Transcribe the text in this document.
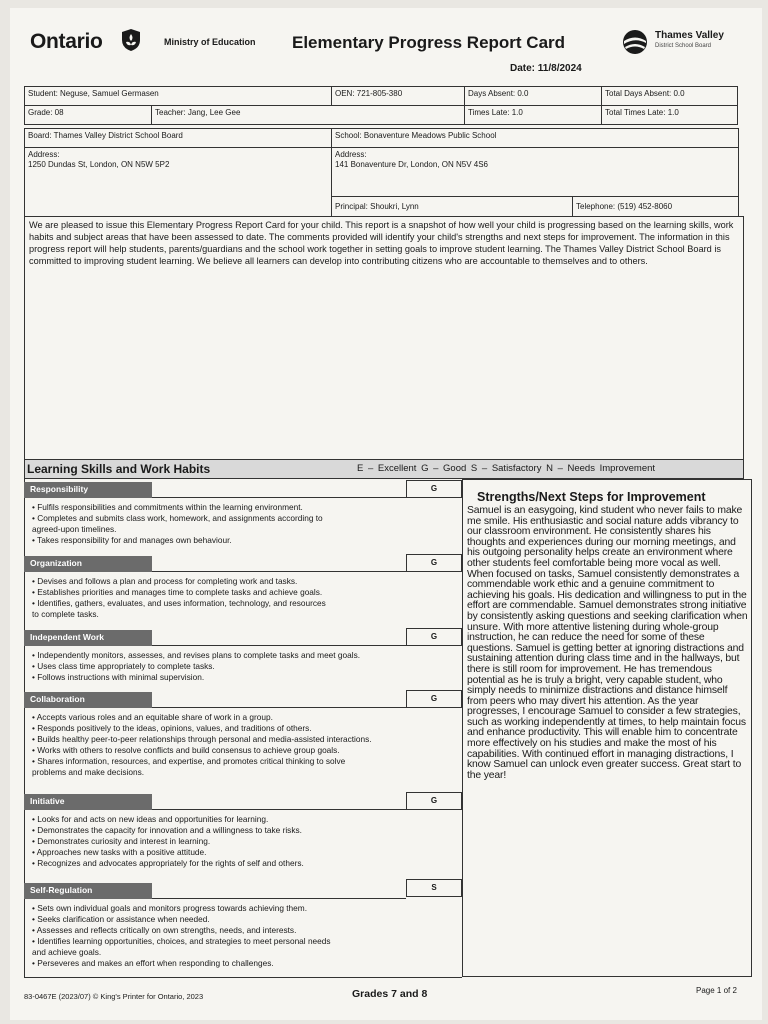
Ontario	Ministry of Education Elementary Progress Report Card	Thames Valley
District School Board
Date: 11/8/2024
Student: Neguse, Samuel Germasen	OEN: 721-805-380	Days Absent: 0.0	Total Days Absent: 0.0
Grade: 08	Teacher: Jang, Lee Gee	Times Late: 1.0	Total Times Late: 1.0
Board: Thames Valley District School Board	School: Bonaventure Meadows Public School
Address:
1250 Dundas St, London, ON N5W 5P2
Address:
141 Bonaventure Dr, London, ON N5V 4S6
Principal: Shoukri, Lynn	Telephone: (519) 452-8060
We are pleased to issue this Elementary Progress Report Card for your child. This report is a snapshot of how well your child is progressing based on the learning skills, work habits and subject areas that have been assessed to date. The comments provided will identify your child's strengths and next steps for improvement. The information in this progress report will help students, parents/guardians and the school work together in setting goals to improve student learning. The Thames Valley District School Board is committed to improving student learning. We believe all learners can develop into contributing citizens who are accountable to themselves and to others.
Learning Skills and Work Habits	E – Excellent G – Good S – Satisfactory N – Needs Improvement
Responsibility	G
• Fulfils responsibilities and commitments within the learning environment.
• Completes and submits class work, homework, and assignments according to
agreed-upon timelines.
• Takes responsibility for and manages own behaviour.
Organization	G
• Devises and follows a plan and process for completing work and tasks.
• Establishes priorities and manages time to complete tasks and achieve goals.
• Identifies, gathers, evaluates, and uses information, technology, and resources
to complete tasks.
Independent Work	G
• Independently monitors, assesses, and revises plans to complete tasks and meet goals.
• Uses class time appropriately to complete tasks.
• Follows instructions with minimal supervision.
Collaboration	G
• Accepts various roles and an equitable share of work in a group.
• Responds positively to the ideas, opinions, values, and traditions of others.
• Builds healthy peer-to-peer relationships through personal and media-assisted interactions.
• Works with others to resolve conflicts and build consensus to achieve group goals.
• Shares information, resources, and expertise, and promotes critical thinking to solve
problems and make decisions.
Initiative	G
• Looks for and acts on new ideas and opportunities for learning.
• Demonstrates the capacity for innovation and a willingness to take risks.
• Demonstrates curiosity and interest in learning.
• Approaches new tasks with a positive attitude.
• Recognizes and advocates appropriately for the rights of self and others.
Self-Regulation	S
• Sets own individual goals and monitors progress towards achieving them.
• Seeks clarification or assistance when needed.
• Assesses and reflects critically on own strengths, needs, and interests.
• Identifies learning opportunities, choices, and strategies to meet personal needs
and achieve goals.
• Perseveres and makes an effort when responding to challenges.
Strengths/Next Steps for Improvement
Samuel is an easygoing, kind student who never fails to make me smile. His enthusiastic and social nature adds vibrancy to our classroom environment. He consistently shares his thoughts and experiences during our morning meetings, and his outgoing personality helps create an environment where other students feel comfortable being more vocal as well. When focused on tasks, Samuel consistently demonstrates a commendable work ethic and a genuine commitment to achieving his goals. His dedication and willingness to put in the effort are commendable. Samuel demonstrates strong initiative by consistently asking questions and seeking clarification when unsure. With more attentive listening during whole-group instruction, he can reduce the need for some of these questions. Samuel is getting better at ignoring distractions and sustaining attention during class time and in the hallways, but there is still room for improvement. He has tremendous potential as he is truly a bright, very capable student, who simply needs to minimize distractions and distance himself from peers who may divert his attention. As the year progresses, I encourage Samuel to consider a few strategies, such as working independently at times, to help maintain focus and enhance productivity. This will enable him to concentrate more effectively on his studies and make the most of his capabilities. With continued effort in managing distractions, I know Samuel can unlock even greater success. Great start to the year!
83-0467E (2023/07) © King's Printer for Ontario, 2023	Grades 7 and 8	Page 1 of 2
